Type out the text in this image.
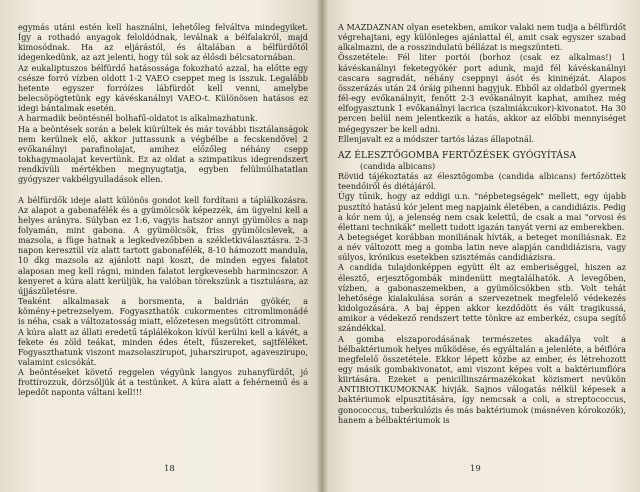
egymás utáni estén kell használni, lehetőleg felváltva mindegyiket. Így a rothadó anyagok feloldódnak, leválnak a bélfalakról, majd kimosódnak. Ha az eljárástól, és általában a bélfürdőtől idegenkedünk, az azt jelenti, hogy túl sok az élősdi bélcsatornában.

Az eukaliptuszos bélfürdő hatásossága fokozható azzal, ha előtte egy csésze forró vízben oldott 1-2 VAEO cseppet meg is isszuk. Legalább hetente egyszer forróízes lábfürdőt kell venni, amelybe belecsöpögtetünk egy kávéskanálnyi VAEO-t. Különösen hatásos ez idegi bántalmak esetén.

A harmadik beöntésnél bolhafű-oldatot is alkalmazhatunk.

Ha a beöntések során a belek kiürültek és már további tisztálanságok nem kerülnek elő, akkor juttassunk a végbélbe a fecskendővel 2 evőkanálnyi parafinolajat, amihez előzőleg néhány csepp tokhagymaolajat kevertünk. Ez az oldat a szimpatikus idegrendszert rendkívüli mértékben megnyugtatja, egyben felülmúlhatatlan gyógyszer vakbélgyulladások ellen.

A bélfürdők ideje alatt különös gondot kell fordítani a táplálkozásra. Az alapot a gabonafélék és a gyümölcsök képezzék, ám ügyelni kell a helyes arányra. Súlyban ez 1:6, vagyis hatszor annyi gyümölcs a nap folyamán, mint gabona. A gyümölcsök, friss gyümölcslevek, a mazsola, a füge hatnak a legkedvezőbben a székletkiválasztásra. 2-3 napon keresztül víz alatt tartott gabonafélék, 8-10 hámozott mandula, 10 dkg mazsola az ajánlott napi koszt, de minden egyes falatot alaposan meg kell rágni, minden falatot lergkevesebb harmincszor. A kenyeret a kúra alatt kerüljük, ha valóban törekszünk a tisztulásra, az újjászületésre.

Teaként alkalmasak a borsmenta, a baldrián gyökér, a kömény+petrezselyem. Fogyaszthatók cukormentes citromlimonádé is néha, csak a változatosság miatt, előzetesen megsütött citrommal.

A kúra alatt az állati eredetű táplálékokon kívül kerülni kell a kávét, a fekete és zöld teákat, minden édes ételt, fűszereket, sajtféléket. Fogyaszthatunk viszont mazsolaszirupot, juharszirupot, agaveszirupo, valamint csicsókát.

A beöntéseket követő reggelen végyünk langyos zuhanyfürdőt, jó frottírozzuk, dörzsöljük át a testünket. A kúra alatt a fehérnemű és a lepedőt naponta váltani kell!!!

18

A MAZDAZNAN olyan esetekben, amikor valaki nem tudja a bélfürdőt végrehajtani, egy különleges ajánlattal él, amit csak egyszer szabad alkalmazni, de a rosszindulatú béllázat is megszünteti.

Összetétele: Fél liter portói (borhoz (csak ez alkalmas!) 1 kávéskanálnyi feketegyökér port adunk, majd fél kávéskanálnyi cascara sagradát, néhány cseppnyi ásót és kininéjzát. Alapos összerázás után 24 óráig pihenni hagyjuk. Ebből az oldatból gyermek fél-egy evőkanálnyit, fenőtt 2-3 evőkanálnyit kaphat, amihez még elfogyasztunk 1 evőkanálnyi lacrica (szalmiákcukor)-kivonatot. Ha 30 percen belül nem jelentkezik a hatás, akkor az előbbi mennyiséget mégegyszer be kell adni.

Ellenjavalt ez a módszer tartós lázas állapotnál.

AZ ÉLESZTŐGOMBA FERTŐZÉSEK GYÓGYÍTÁSA

(candida albicans)

Röviid tájékoztatás az élesztőgomba (candida albicans) fertőzöttek teendőiről és diétájáról.

Úgy tűnik, hogy az eddigi u.n. "népbetegségek" mellett, egy újabb pusztító hatású kór jelent meg napjaink életében, a candidiázis. Pedig a kór nem új, a jelenség nem csak kelettű, de csak a mai "orvosi és élettani technikák" mellett tudott igazán tanyát verni az emberekben.

A betegséget korábban moniliának hívták, a beteget moniliásnak. Ez a név változott meg a gomba latin neve alapján candidiázisra, vagy súlyos, krónikus esetekben szisztémás candidiázisra.

A candida tulajdonképpen együtt élt az emberiséggel, hiszen az élesztő, erjesztőgombák mindenütt megtalálhatók. A levegőben, vízben, a gabonaszemekben, a gyümölcsökben stb. Volt tehát lehetősége kialakulása során a szervezetnek megfelelő védekezés kidolgozására. A baj éppen akkor kezdődött és vált tragikussá, amikor a védekező rendszert tette tönkre az emberkéz, csupa segítő szándékkal.

A gomba elszaporodásának természetes akadálya volt a bélbaktériumok helyes működése, és egyáltalán a jelenléte, a béiflóra megfelelő összetétele. Ekkor lépett közbe az ember, és létrehozott egy másik gombakivonatot, ami viszont képes volt a baktériumflóra kiirtására. Ezeket a penicillinszármazékokat közismert nevükön ANTIBIOTIKUMOKNAK hívják. Sajnos válogatás nélkül képesek a baktériumok elpusztítására, így nemcsak a coli, a streptococcus, gonococcus, tuberkulózis és más baktériumok (másnéven kórokozók), hanem a bélbaktériumok is

19
